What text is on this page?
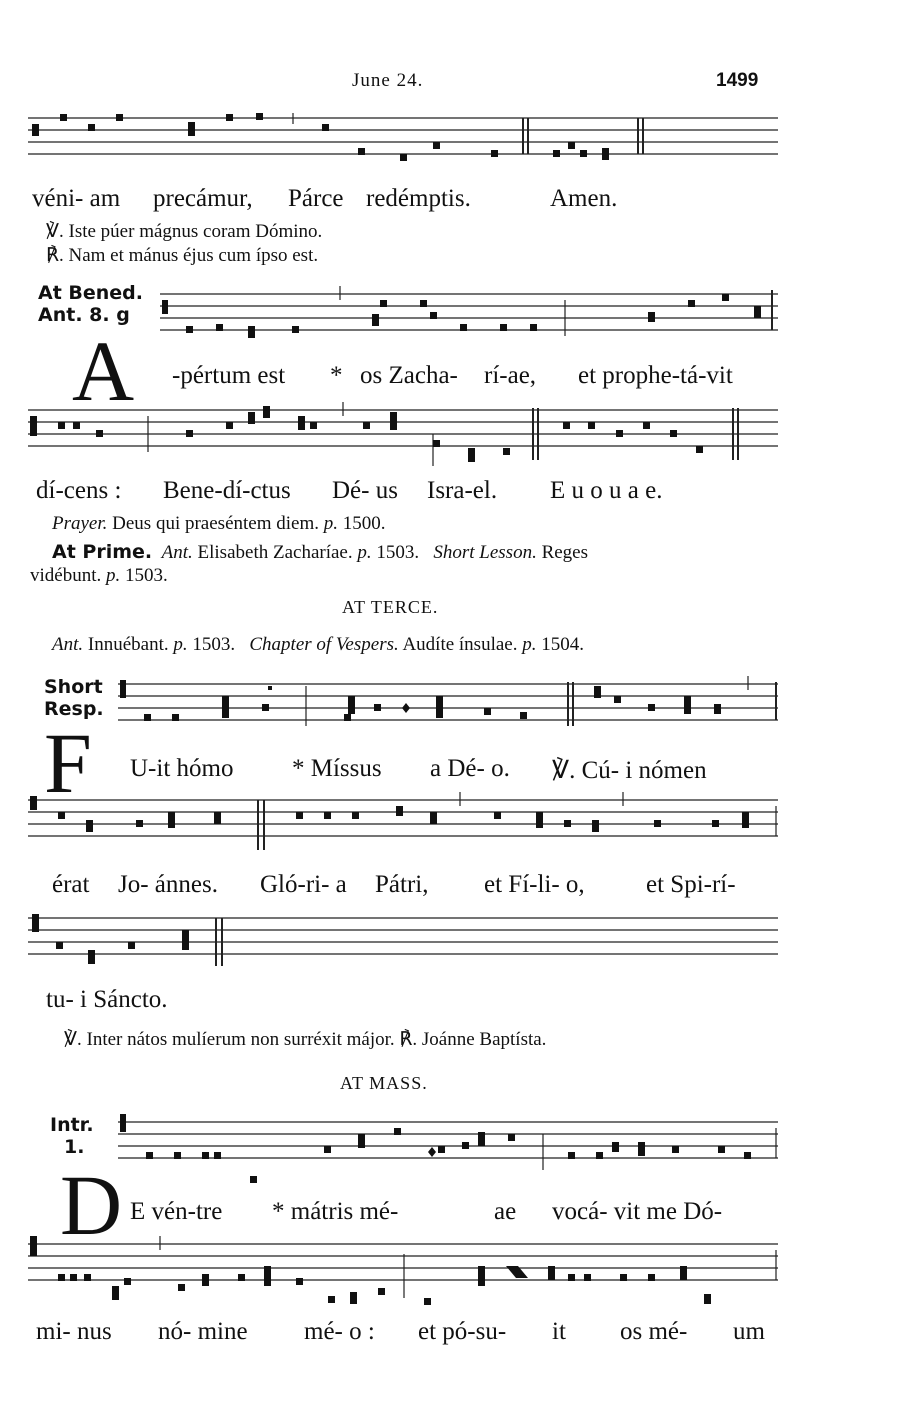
June 24.	1499
véni- am precámur, Párce redémptis.	Amen.
℣. Iste púer mágnus coram Dómino.
℟. Nam et mánus éjus cum ípso est.
At Bened.
Ant. 8. g
A -pértum est * os Zacha- rí-ae, et prophe-tá-vit
dí-cens : Bene-dí-ctus Dé- us Isra-el. E u o u a e.
Prayer. Deus qui praeséntem diem. p. 1500.
At Prime. Ant. Elisabeth Zacharíae. p. 1503. Short Lesson. Reges
vidébunt. p. 1503.
AT TERCE.
Ant. Innuébant. p. 1503. Chapter of Vespers. Audíte ínsulae. p. 1504.
Short
Resp.
F U-it hómo * Míssus a Dé- o. ℣. Cú- i nómen
érat Jo- ánnes. Gló-ri- a Pátri, et Fí-li- o, et Spi-rí-
tu- i Sáncto.
℣. Inter nátos mulíerum non surréxit májor. ℟. Joánne Baptísta.
AT MASS.
Intr.
1.
D E vén-tre * mátris mé-	ae vocá- vit me Dó-
mi- nus nó- mine mé- o : et pó-su- it os mé- um
